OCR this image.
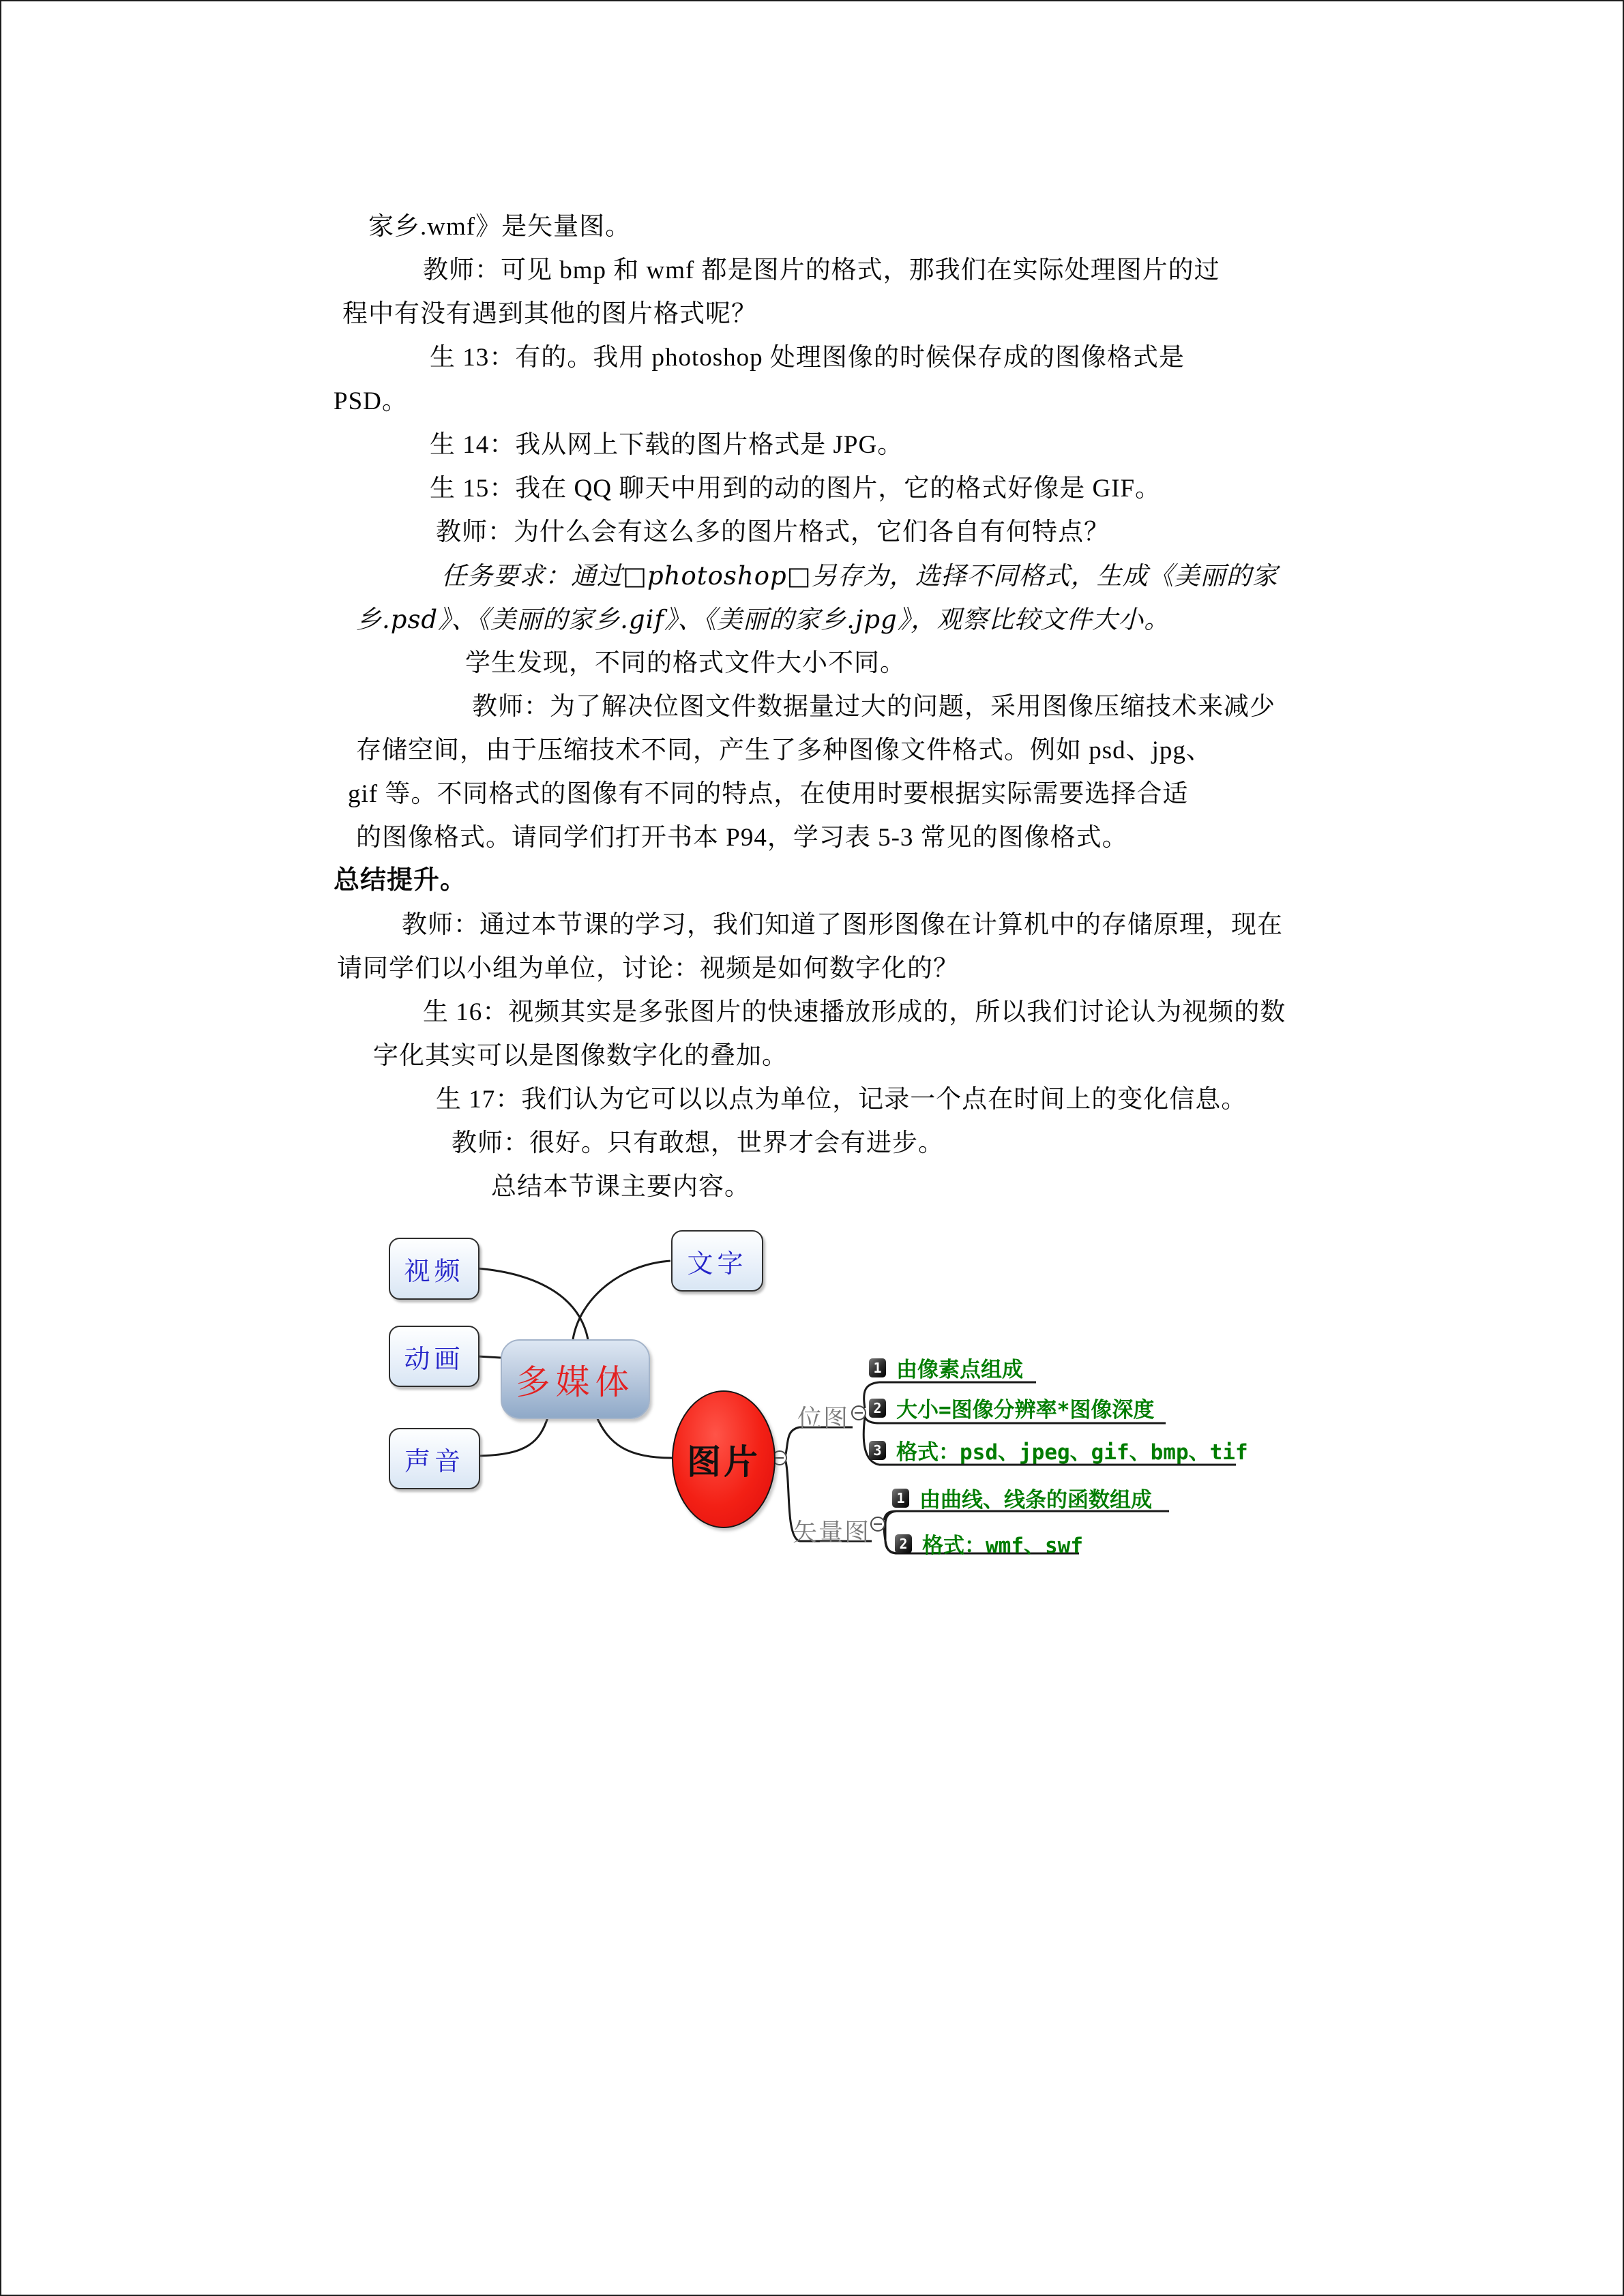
家乡.wmf》是矢量图。
教师：可见 bmp 和 wmf 都是图片的格式，那我们在实际处理图片的过
程中有没有遇到其他的图片格式呢？
生 13：有的。我用 photoshop 处理图像的时候保存成的图像格式是
PSD。
生 14：我从网上下载的图片格式是 JPG。
生 15：我在 QQ 聊天中用到的动的图片，它的格式好像是 GIF。
教师：为什么会有这么多的图片格式，它们各自有何特点？
任务要求：通过□photoshop□另存为，选择不同格式，生成《美丽的家
乡.psd》、《美丽的家乡.gif》、《美丽的家乡.jpg》，观察比较文件大小。
学生发现，不同的格式文件大小不同。
教师：为了解决位图文件数据量过大的问题，采用图像压缩技术来减少
存储空间，由于压缩技术不同，产生了多种图像文件格式。例如 psd、jpg、
gif 等。不同格式的图像有不同的特点，在使用时要根据实际需要选择合适
的图像格式。请同学们打开书本 P94，学习表 5-3 常见的图像格式。
总结提升。
教师：通过本节课的学习，我们知道了图形图像在计算机中的存储原理，现在
请同学们以小组为单位，讨论：视频是如何数字化的？
生 16：视频其实是多张图片的快速播放形成的，所以我们讨论认为视频的数
字化其实可以是图像数字化的叠加。
生 17：我们认为它可以以点为单位，记录一个点在时间上的变化信息。
教师：很好。只有敢想，世界才会有进步。
总结本节课主要内容。
视频
动画
声音
文字
多媒体
图片
位图
矢量图
1 由像素点组成
2 大小=图像分辨率*图像深度
3 格式：psd、jpeg、gif、bmp、tif
1 由曲线、线条的函数组成
2 格式：wmf、swf
